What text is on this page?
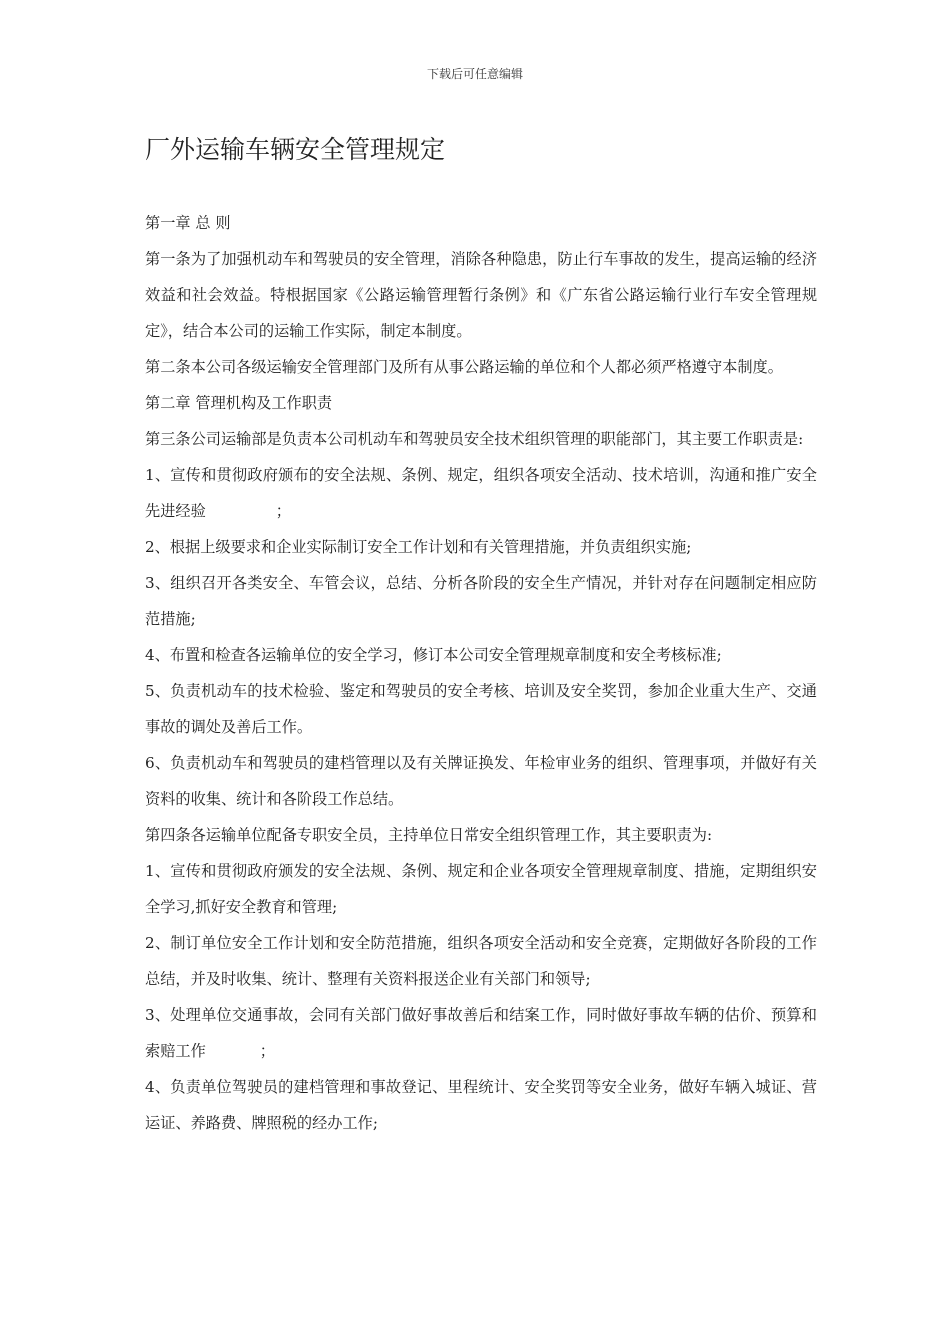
下载后可任意编辑
厂外运输车辆安全管理规定

第一章 总 则

第一条为了加强机动车和驾驶员的安全管理，消除各种隐患，防止行车事故的发生，提高运输的经济效益和社会效益。特根据国家《公路运输管理暂行条例》和《广东省公路运输行业行车安全管理规定》，结合本公司的运输工作实际，制定本制度。

第二条本公司各级运输安全管理部门及所有从事公路运输的单位和个人都必须严格遵守本制度。

第二章 管理机构及工作职责

第三条公司运输部是负责本公司机动车和驾驶员安全技术组织管理的职能部门，其主要工作职责是:

1、宣传和贯彻政府颁布的安全法规、条例、规定，组织各项安全活动、技术培训，沟通和推广安全先进经验	；

2、根据上级要求和企业实际制订安全工作计划和有关管理措施，并负责组织实施;

3、组织召开各类安全、车管会议，总结、分析各阶段的安全生产情况，并针对存在问题制定相应防范措施;

4、布置和检查各运输单位的安全学习，修订本公司安全管理规章制度和安全考核标准;

5、负责机动车的技术检验、鉴定和驾驶员的安全考核、培训及安全奖罚，参加企业重大生产、交通事故的调处及善后工作。

6、负责机动车和驾驶员的建档管理以及有关牌证换发、年检审业务的组织、管理事项，并做好有关资料的收集、统计和各阶段工作总结。

第四条各运输单位配备专职安全员，主持单位日常安全组织管理工作，其主要职责为:

1、宣传和贯彻政府颁发的安全法规、条例、规定和企业各项安全管理规章制度、措施，定期组织安全学习,抓好安全教育和管理;

2、制订单位安全工作计划和安全防范措施，组织各项安全活动和安全竞赛，定期做好各阶段的工作总结，并及时收集、统计、整理有关资料报送企业有关部门和领导;

3、处理单位交通事故，会同有关部门做好事故善后和结案工作，同时做好事故车辆的估价、预算和索赔工作	；

4、负责单位驾驶员的建档管理和事故登记、里程统计、安全奖罚等安全业务，做好车辆入城证、营运证、养路费、牌照税的经办工作;
